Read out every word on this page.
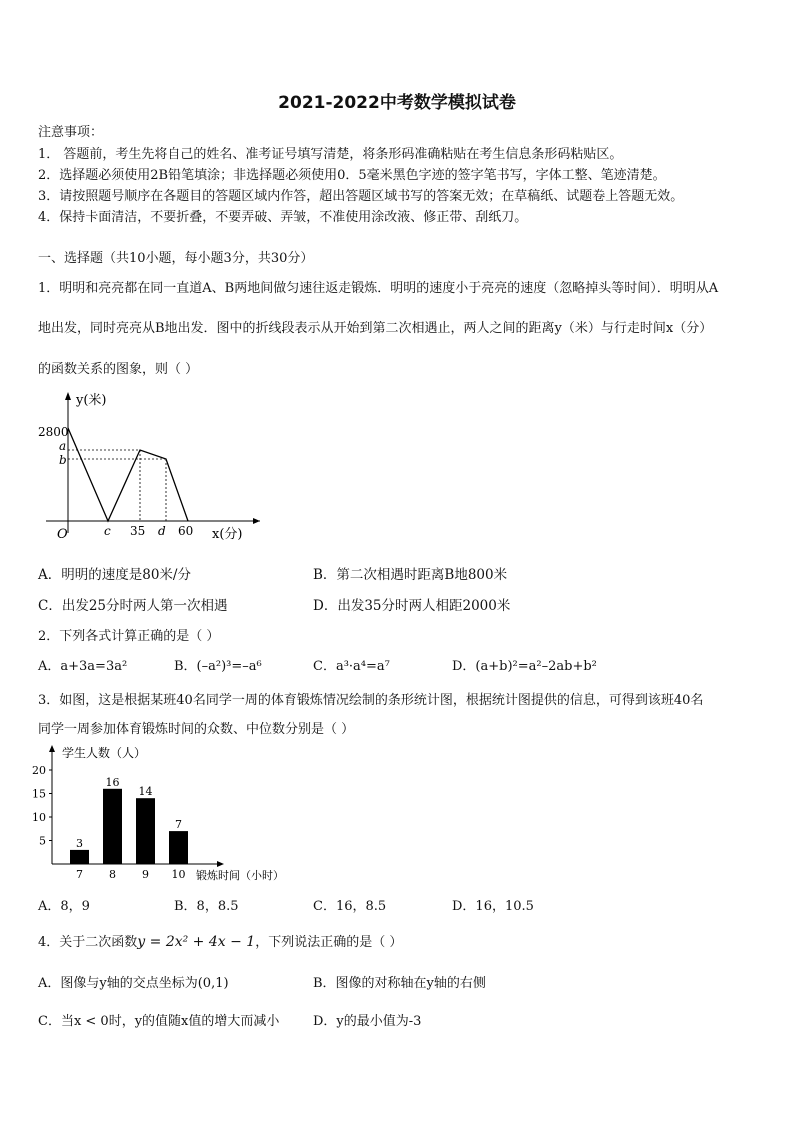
2021-2022中考数学模拟试卷
注意事项：
1． 答题前，考生先将自己的姓名、准考证号填写清楚，将条形码准确粘贴在考生信息条形码粘贴区。
2．选择题必须使用2B铅笔填涂；非选择题必须使用0．5毫米黑色字迹的签字笔书写，字体工整、笔迹清楚。
3．请按照题号顺序在各题目的答题区域内作答，超出答题区域书写的答案无效；在草稿纸、试题卷上答题无效。
4．保持卡面清洁，不要折叠，不要弄破、弄皱，不准使用涂改液、修正带、刮纸刀。
一、选择题（共10小题，每小题3分，共30分）
1．明明和亮亮都在同一直道A、B两地间做匀速往返走锻炼．明明的速度小于亮亮的速度（忽略掉头等时间）．明明从A
地出发，同时亮亮从B地出发．图中的折线段表示从开始到第二次相遇止，两人之间的距离y（米）与行走时间x（分）
的函数关系的图象，则（ ）
y(米)
x(分)
2800
a
b
O	c 35 d 60
A．明明的速度是80米/分	B．第二次相遇时距离B地800米
C．出发25分时两人第一次相遇	D．出发35分时两人相距2000米
2．下列各式计算正确的是（ ）
A．a+3a=3a²	B．(–a²)³=–a⁶	C．a³·a⁴=a⁷	D．(a+b)²=a²–2ab+b²
3．如图，这是根据某班40名同学一周的体育锻炼情况绘制的条形统计图，根据统计图提供的信息，可得到该班40名
同学一周参加体育锻炼时间的众数、中位数分别是（ ）
学生人数（人）
锻炼时间（小时）
5
10
15
20
3
7
16
8
14
9
7
10
A．8，9	B．8，8.5	C．16，8.5	D．16，10.5
4．关于二次函数y = 2x² + 4x − 1，下列说法正确的是（ ）
A．图像与y轴的交点坐标为(0,1)	B．图像的对称轴在y轴的右侧
C．当x < 0时，y的值随x值的增大而减小	D．y的最小值为-3
